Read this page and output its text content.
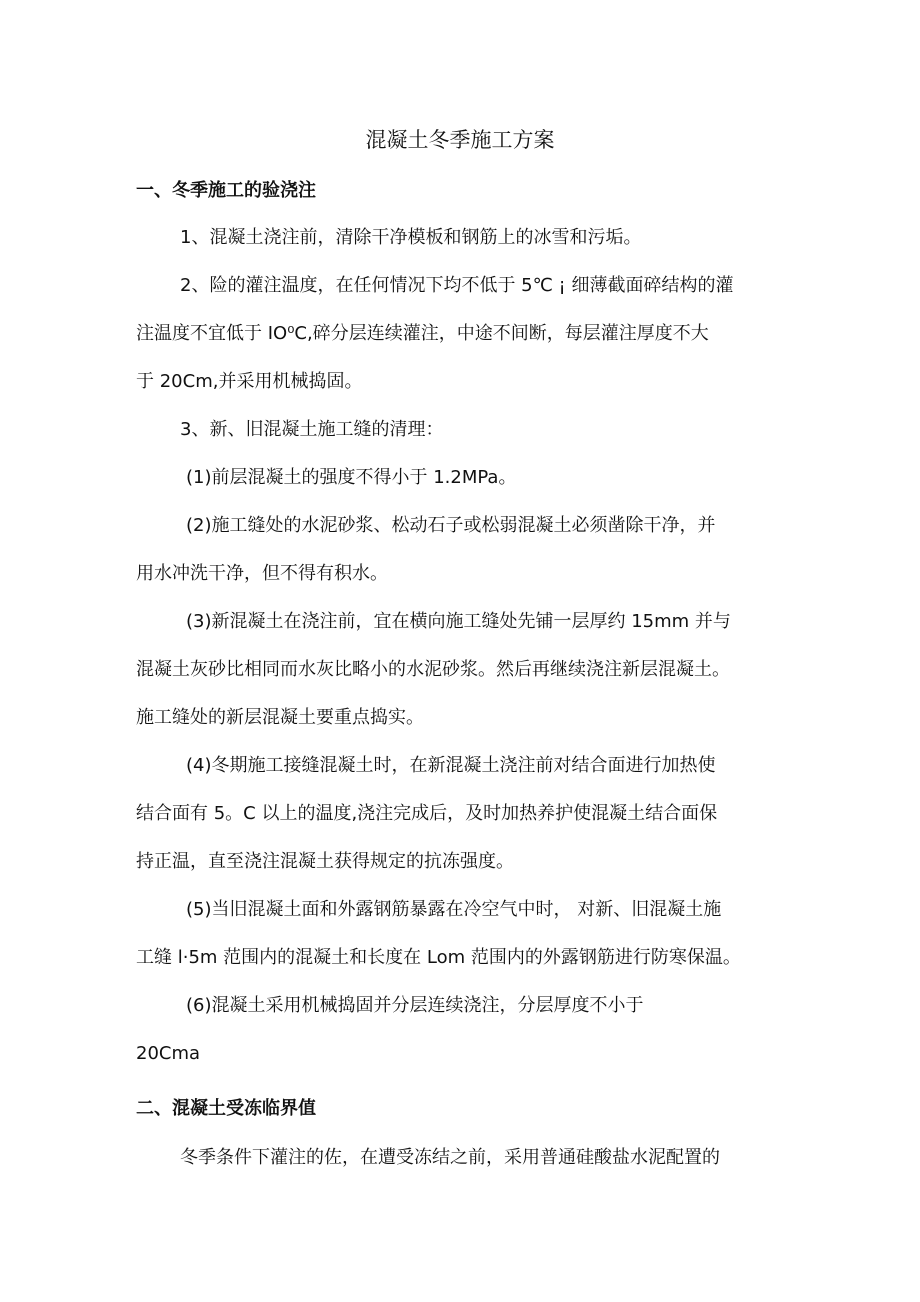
混凝土冬季施工方案
一、冬季施工的验浇注

1、混凝土浇注前，清除干净模板和钢筋上的冰雪和污垢。

2、险的灌注温度，在任何情况下均不低于 5℃ ¡ 细薄截面碎结构的灌
注温度不宜低于 IO⁰C,碎分层连续灌注，中途不间断，每层灌注厚度不大
于 20Cm,并采用机械捣固。

3、新、旧混凝土施工缝的清理：

(1)前层混凝土的强度不得小于 1.2MPa。

(2)施工缝处的水泥砂浆、松动石子或松弱混凝土必须凿除干净，并
用水冲洗干净，但不得有积水。

(3)新混凝土在浇注前，宜在横向施工缝处先铺一层厚约 15mm 并与
混凝土灰砂比相同而水灰比略小的水泥砂浆。然后再继续浇注新层混凝土。
施工缝处的新层混凝土要重点捣实。

(4)冬期施工接缝混凝土时，在新混凝土浇注前对结合面进行加热使
结合面有 5。C 以上的温度,浇注完成后，及时加热养护使混凝土结合面保
持正温，直至浇注混凝土获得规定的抗冻强度。

(5)当旧混凝土面和外露钢筋暴露在冷空气中时， 对新、旧混凝土施
工缝 l·5m 范围内的混凝土和长度在 Lom 范围内的外露钢筋进行防寒保温。

(6)混凝土采用机械捣固并分层连续浇注，分层厚度不小于
20Cma

二、混凝土受冻临界值

冬季条件下灌注的佐，在遭受冻结之前，采用普通硅酸盐水泥配置的
